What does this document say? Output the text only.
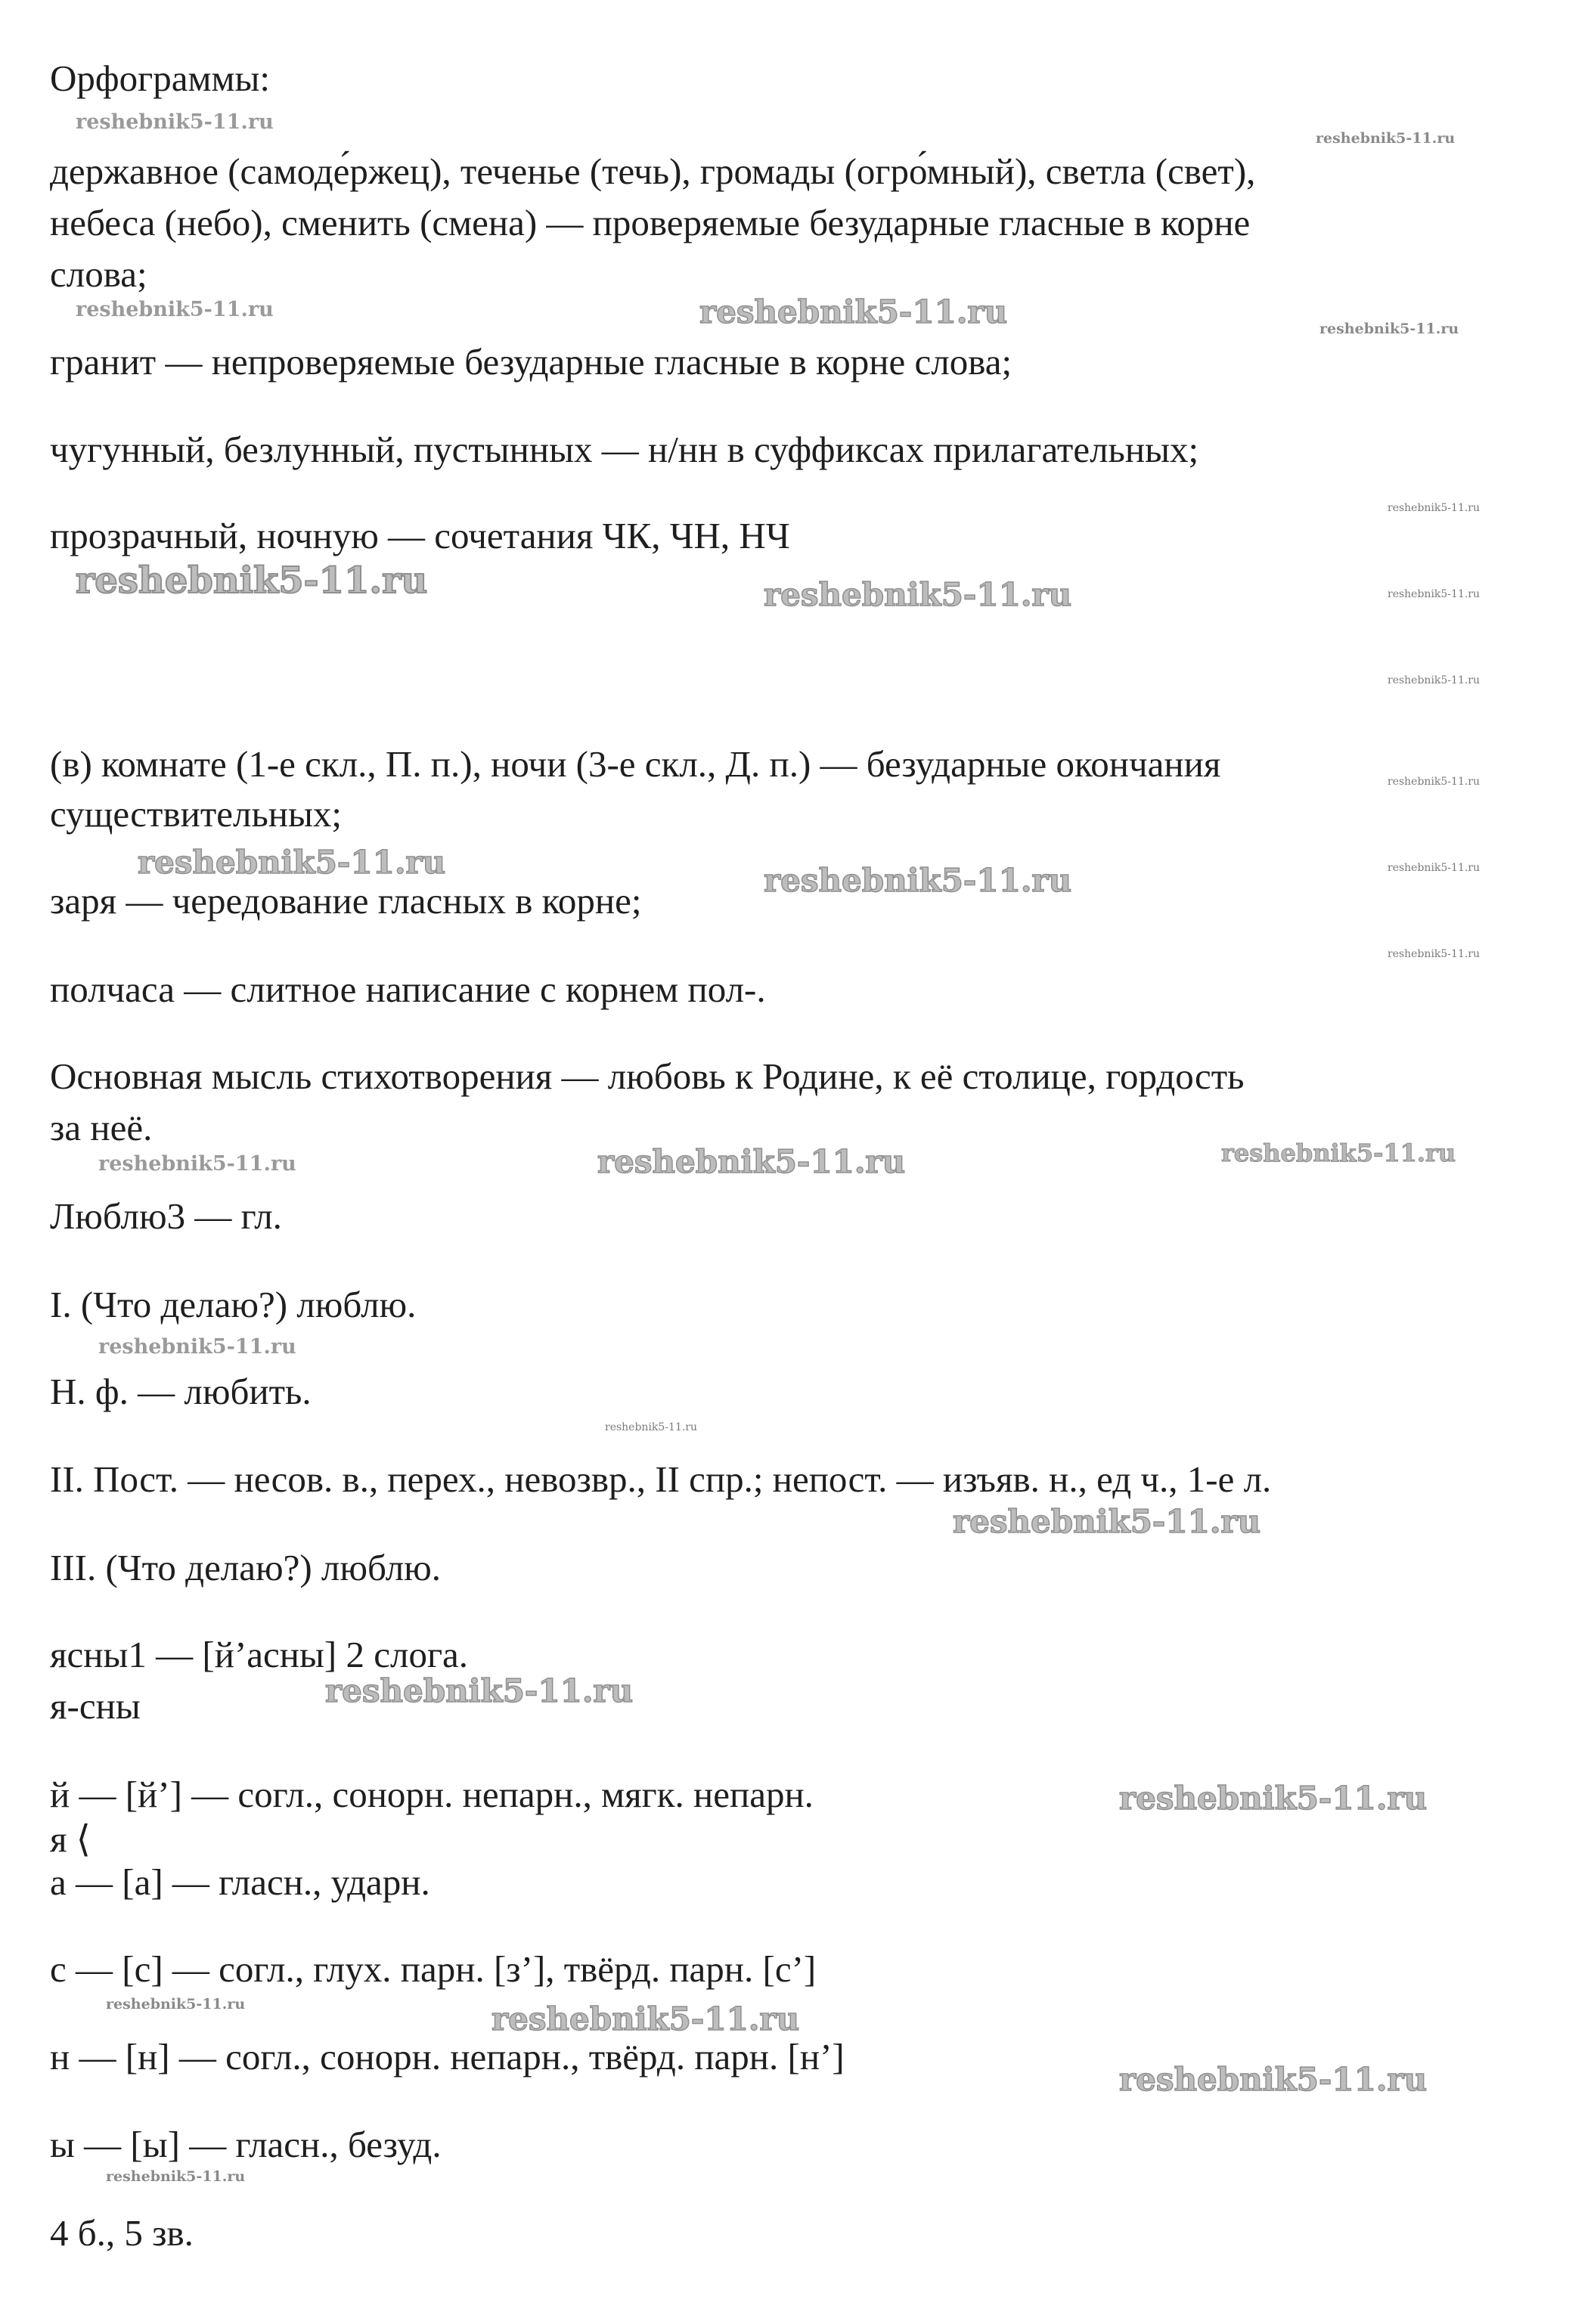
Орфограммы:

державное (самоде́ржец), теченье (течь), громады (огро́мный), светла (свет),

небеса (небо), сменить (смена) — проверяемые безударные гласные в корне

слова;

гранит — непроверяемые безударные гласные в корне слова;

чугунный, безлунный, пустынных — н/нн в суффиксах прилагательных;

прозрачный, ночную — сочетания ЧК, ЧН, НЧ

(в) комнате (1-е скл., П. п.), ночи (3-е скл., Д. п.) — безударные окончания

существительных;

заря — чередование гласных в корне;

полчаса — слитное написание с корнем пол-.

Основная мысль стихотворения — любовь к Родине, к её столице, гордость

за неё.

Люблю3 — гл.

I. (Что делаю?) люблю.

Н. ф. — любить.

II. Пост. — несов. в., перех., невозвр., II спр.; непост. — изъяв. н., ед ч., 1-е л.

III. (Что делаю?) люблю.

ясны1 — [й’асны] 2 слога.

я-сны

й — [й’] — согл., сонорн. непарн., мягк. непарн.

я ⟨

а — [а] — гласн., ударн.

с — [с] — согл., глух. парн. [з’], твёрд. парн. [с’]

н — [н] — согл., сонорн. непарн., твёрд. парн. [н’]

ы — [ы] — гласн., безуд.

4 б., 5 зв.

reshebnik5-11.ru
reshebnik5-11.ru
reshebnik5-11.ru	reshebnik5-11.ru	reshebnik5-11.ru
reshebnik5-11.ru
reshebnik5-11.ru	reshebnik5-11.ru	reshebnik5-11.ru
reshebnik5-11.ru
reshebnik5-11.ru
reshebnik5-11.ru	reshebnik5-11.ru	reshebnik5-11.ru
reshebnik5-11.ru
reshebnik5-11.ru	reshebnik5-11.ru	reshebnik5-11.ru
reshebnik5-11.ru
reshebnik5-11.ru
reshebnik5-11.ru
reshebnik5-11.ru
reshebnik5-11.ru
reshebnik5-11.ru	reshebnik5-11.ru
reshebnik5-11.ru
reshebnik5-11.ru
